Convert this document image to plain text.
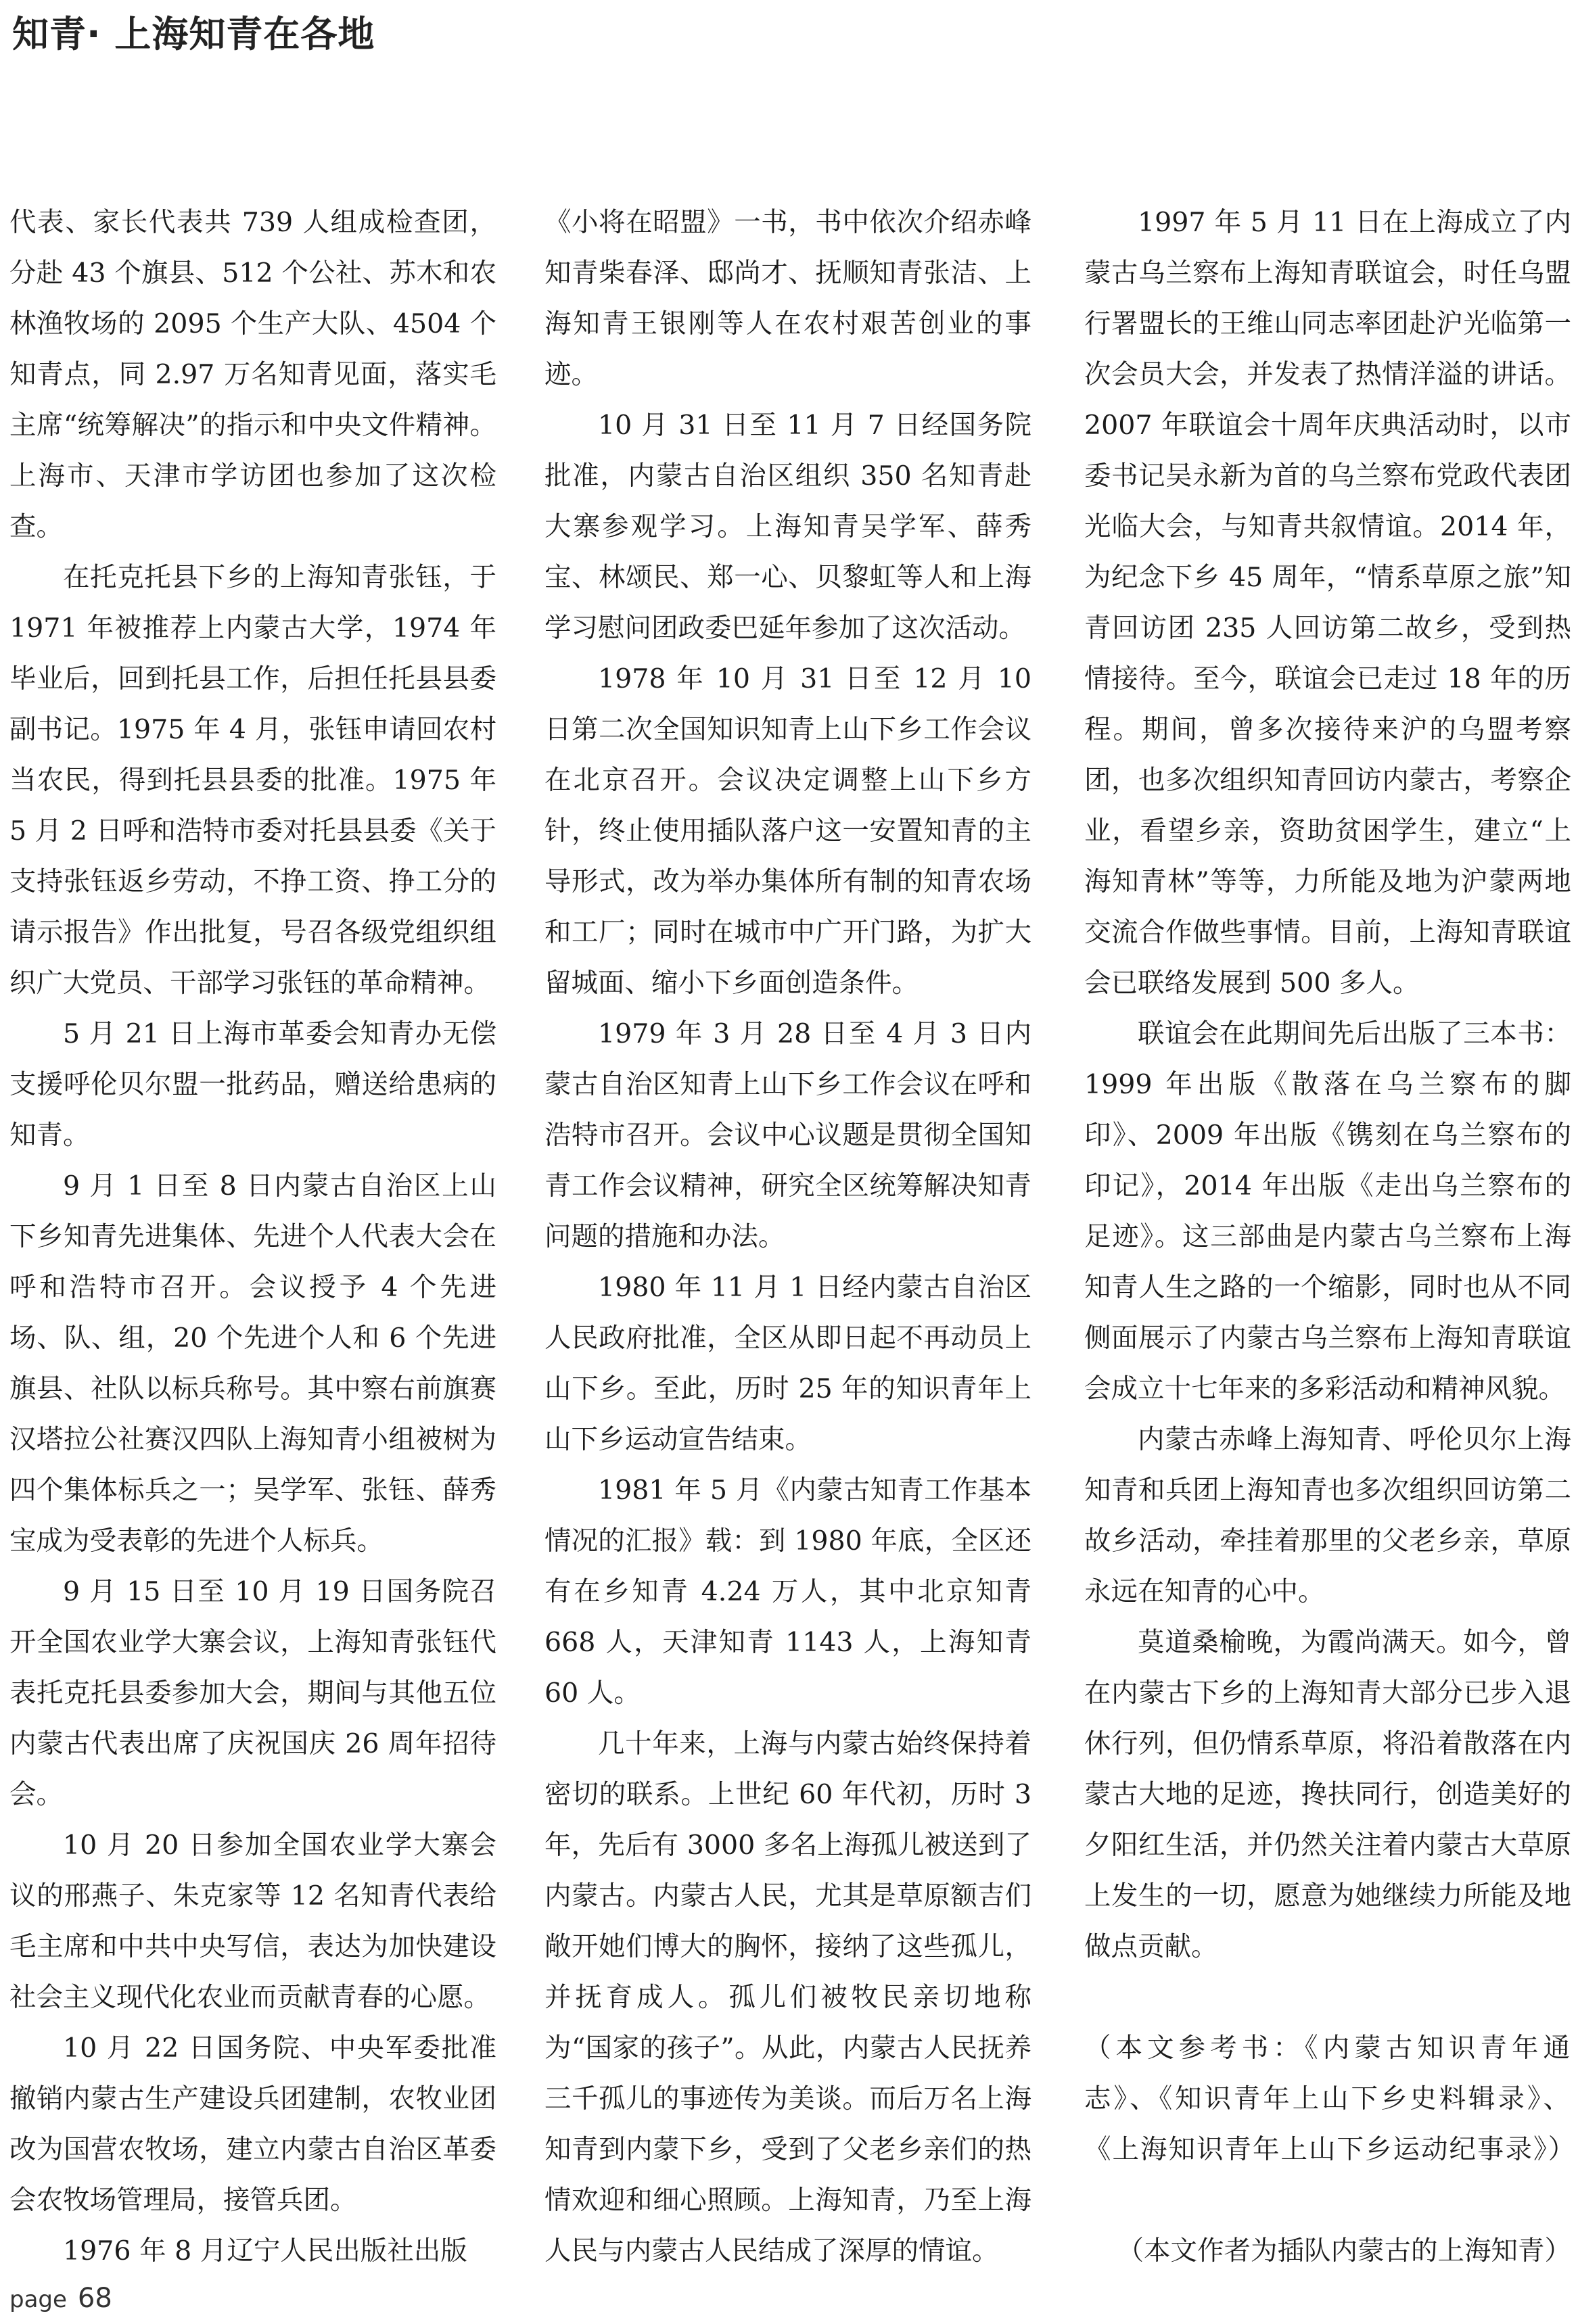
知青· 上海知青在各地

代表、家长代表共 739 人组成检查团，分赴 43 个旗县、512 个公社、苏木和农林渔牧场的 2095 个生产大队、4504 个知青点，同 2.97 万名知青见面，落实毛主席“统筹解决”的指示和中央文件精神。上海市、天津市学访团也参加了这次检查。

在托克托县下乡的上海知青张钰，于 1971 年被推荐上内蒙古大学，1974 年毕业后，回到托县工作，后担任托县县委副书记。1975 年 4 月，张钰申请回农村当农民，得到托县县委的批准。1975 年 5 月 2 日呼和浩特市委对托县县委《关于支持张钰返乡劳动，不挣工资、挣工分的请示报告》作出批复，号召各级党组织组织广大党员、干部学习张钰的革命精神。

5 月 21 日上海市革委会知青办无偿支援呼伦贝尔盟一批药品，赠送给患病的知青。

9 月 1 日至 8 日内蒙古自治区上山下乡知青先进集体、先进个人代表大会在呼和浩特市召开。会议授予 4 个先进场、队、组，20 个先进个人和 6 个先进旗县、社队以标兵称号。其中察右前旗赛汉塔拉公社赛汉四队上海知青小组被树为四个集体标兵之一；吴学军、张钰、薛秀宝成为受表彰的先进个人标兵。

9 月 15 日至 10 月 19 日国务院召开全国农业学大寨会议，上海知青张钰代表托克托县委参加大会，期间与其他五位内蒙古代表出席了庆祝国庆 26 周年招待会。

10 月 20 日参加全国农业学大寨会议的邢燕子、朱克家等 12 名知青代表给毛主席和中共中央写信，表达为加快建设社会主义现代化农业而贡献青春的心愿。

10 月 22 日国务院、中央军委批准撤销内蒙古生产建设兵团建制，农牧业团改为国营农牧场，建立内蒙古自治区革委会农牧场管理局，接管兵团。

1976 年 8 月辽宁人民出版社出版

《小将在昭盟》一书，书中依次介绍赤峰知青柴春泽、邸尚才、抚顺知青张洁、上海知青王银刚等人在农村艰苦创业的事迹。

10 月 31 日至 11 月 7 日经国务院批准，内蒙古自治区组织 350 名知青赴大寨参观学习。上海知青吴学军、薛秀宝、林颂民、郑一心、贝黎虹等人和上海学习慰问团政委巴延年参加了这次活动。

1978 年 10 月 31 日至 12 月 10 日第二次全国知识知青上山下乡工作会议在北京召开。会议决定调整上山下乡方针，终止使用插队落户这一安置知青的主导形式，改为举办集体所有制的知青农场和工厂；同时在城市中广开门路，为扩大留城面、缩小下乡面创造条件。

1979 年 3 月 28 日至 4 月 3 日内蒙古自治区知青上山下乡工作会议在呼和浩特市召开。会议中心议题是贯彻全国知青工作会议精神，研究全区统筹解决知青问题的措施和办法。

1980 年 11 月 1 日经内蒙古自治区人民政府批准，全区从即日起不再动员上山下乡。至此，历时 25 年的知识青年上山下乡运动宣告结束。

1981 年 5 月《内蒙古知青工作基本情况的汇报》载：到 1980 年底，全区还有在乡知青 4.24 万人，其中北京知青 668 人，天津知青 1143 人，上海知青 60 人。

几十年来，上海与内蒙古始终保持着密切的联系。上世纪 60 年代初，历时 3 年，先后有 3000 多名上海孤儿被送到了内蒙古。内蒙古人民，尤其是草原额吉们敞开她们博大的胸怀，接纳了这些孤儿，并抚育成人。孤儿们被牧民亲切地称为“国家的孩子”。从此，内蒙古人民抚养三千孤儿的事迹传为美谈。而后万名上海知青到内蒙下乡，受到了父老乡亲们的热情欢迎和细心照顾。上海知青，乃至上海人民与内蒙古人民结成了深厚的情谊。

1997 年 5 月 11 日在上海成立了内蒙古乌兰察布上海知青联谊会，时任乌盟行署盟长的王维山同志率团赴沪光临第一次会员大会，并发表了热情洋溢的讲话。2007 年联谊会十周年庆典活动时，以市委书记吴永新为首的乌兰察布党政代表团光临大会，与知青共叙情谊。2014 年，为纪念下乡 45 周年，“情系草原之旅”知青回访团 235 人回访第二故乡，受到热情接待。至今，联谊会已走过 18 年的历程。期间，曾多次接待来沪的乌盟考察团，也多次组织知青回访内蒙古，考察企业，看望乡亲，资助贫困学生，建立“上海知青林”等等，力所能及地为沪蒙两地交流合作做些事情。目前，上海知青联谊会已联络发展到 500 多人。

联谊会在此期间先后出版了三本书： 1999 年出版《散落在乌兰察布的脚印》、2009 年出版《镌刻在乌兰察布的印记》，2014 年出版《走出乌兰察布的足迹》。这三部曲是内蒙古乌兰察布上海知青人生之路的一个缩影，同时也从不同侧面展示了内蒙古乌兰察布上海知青联谊会成立十七年来的多彩活动和精神风貌。

内蒙古赤峰上海知青、呼伦贝尔上海知青和兵团上海知青也多次组织回访第二故乡活动，牵挂着那里的父老乡亲，草原永远在知青的心中。

莫道桑榆晚，为霞尚满天。如今，曾在内蒙古下乡的上海知青大部分已步入退休行列，但仍情系草原，将沿着散落在内蒙古大地的足迹，搀扶同行，创造美好的夕阳红生活，并仍然关注着内蒙古大草原上发生的一切，愿意为她继续力所能及地做点贡献。

（本文参考书：《内蒙古知识青年通
志》、《知识青年上山下乡史料辑录》、
《上海知识青年上山下乡运动纪事录》）

（本文作者为插队内蒙古的上海知青）

page 68
